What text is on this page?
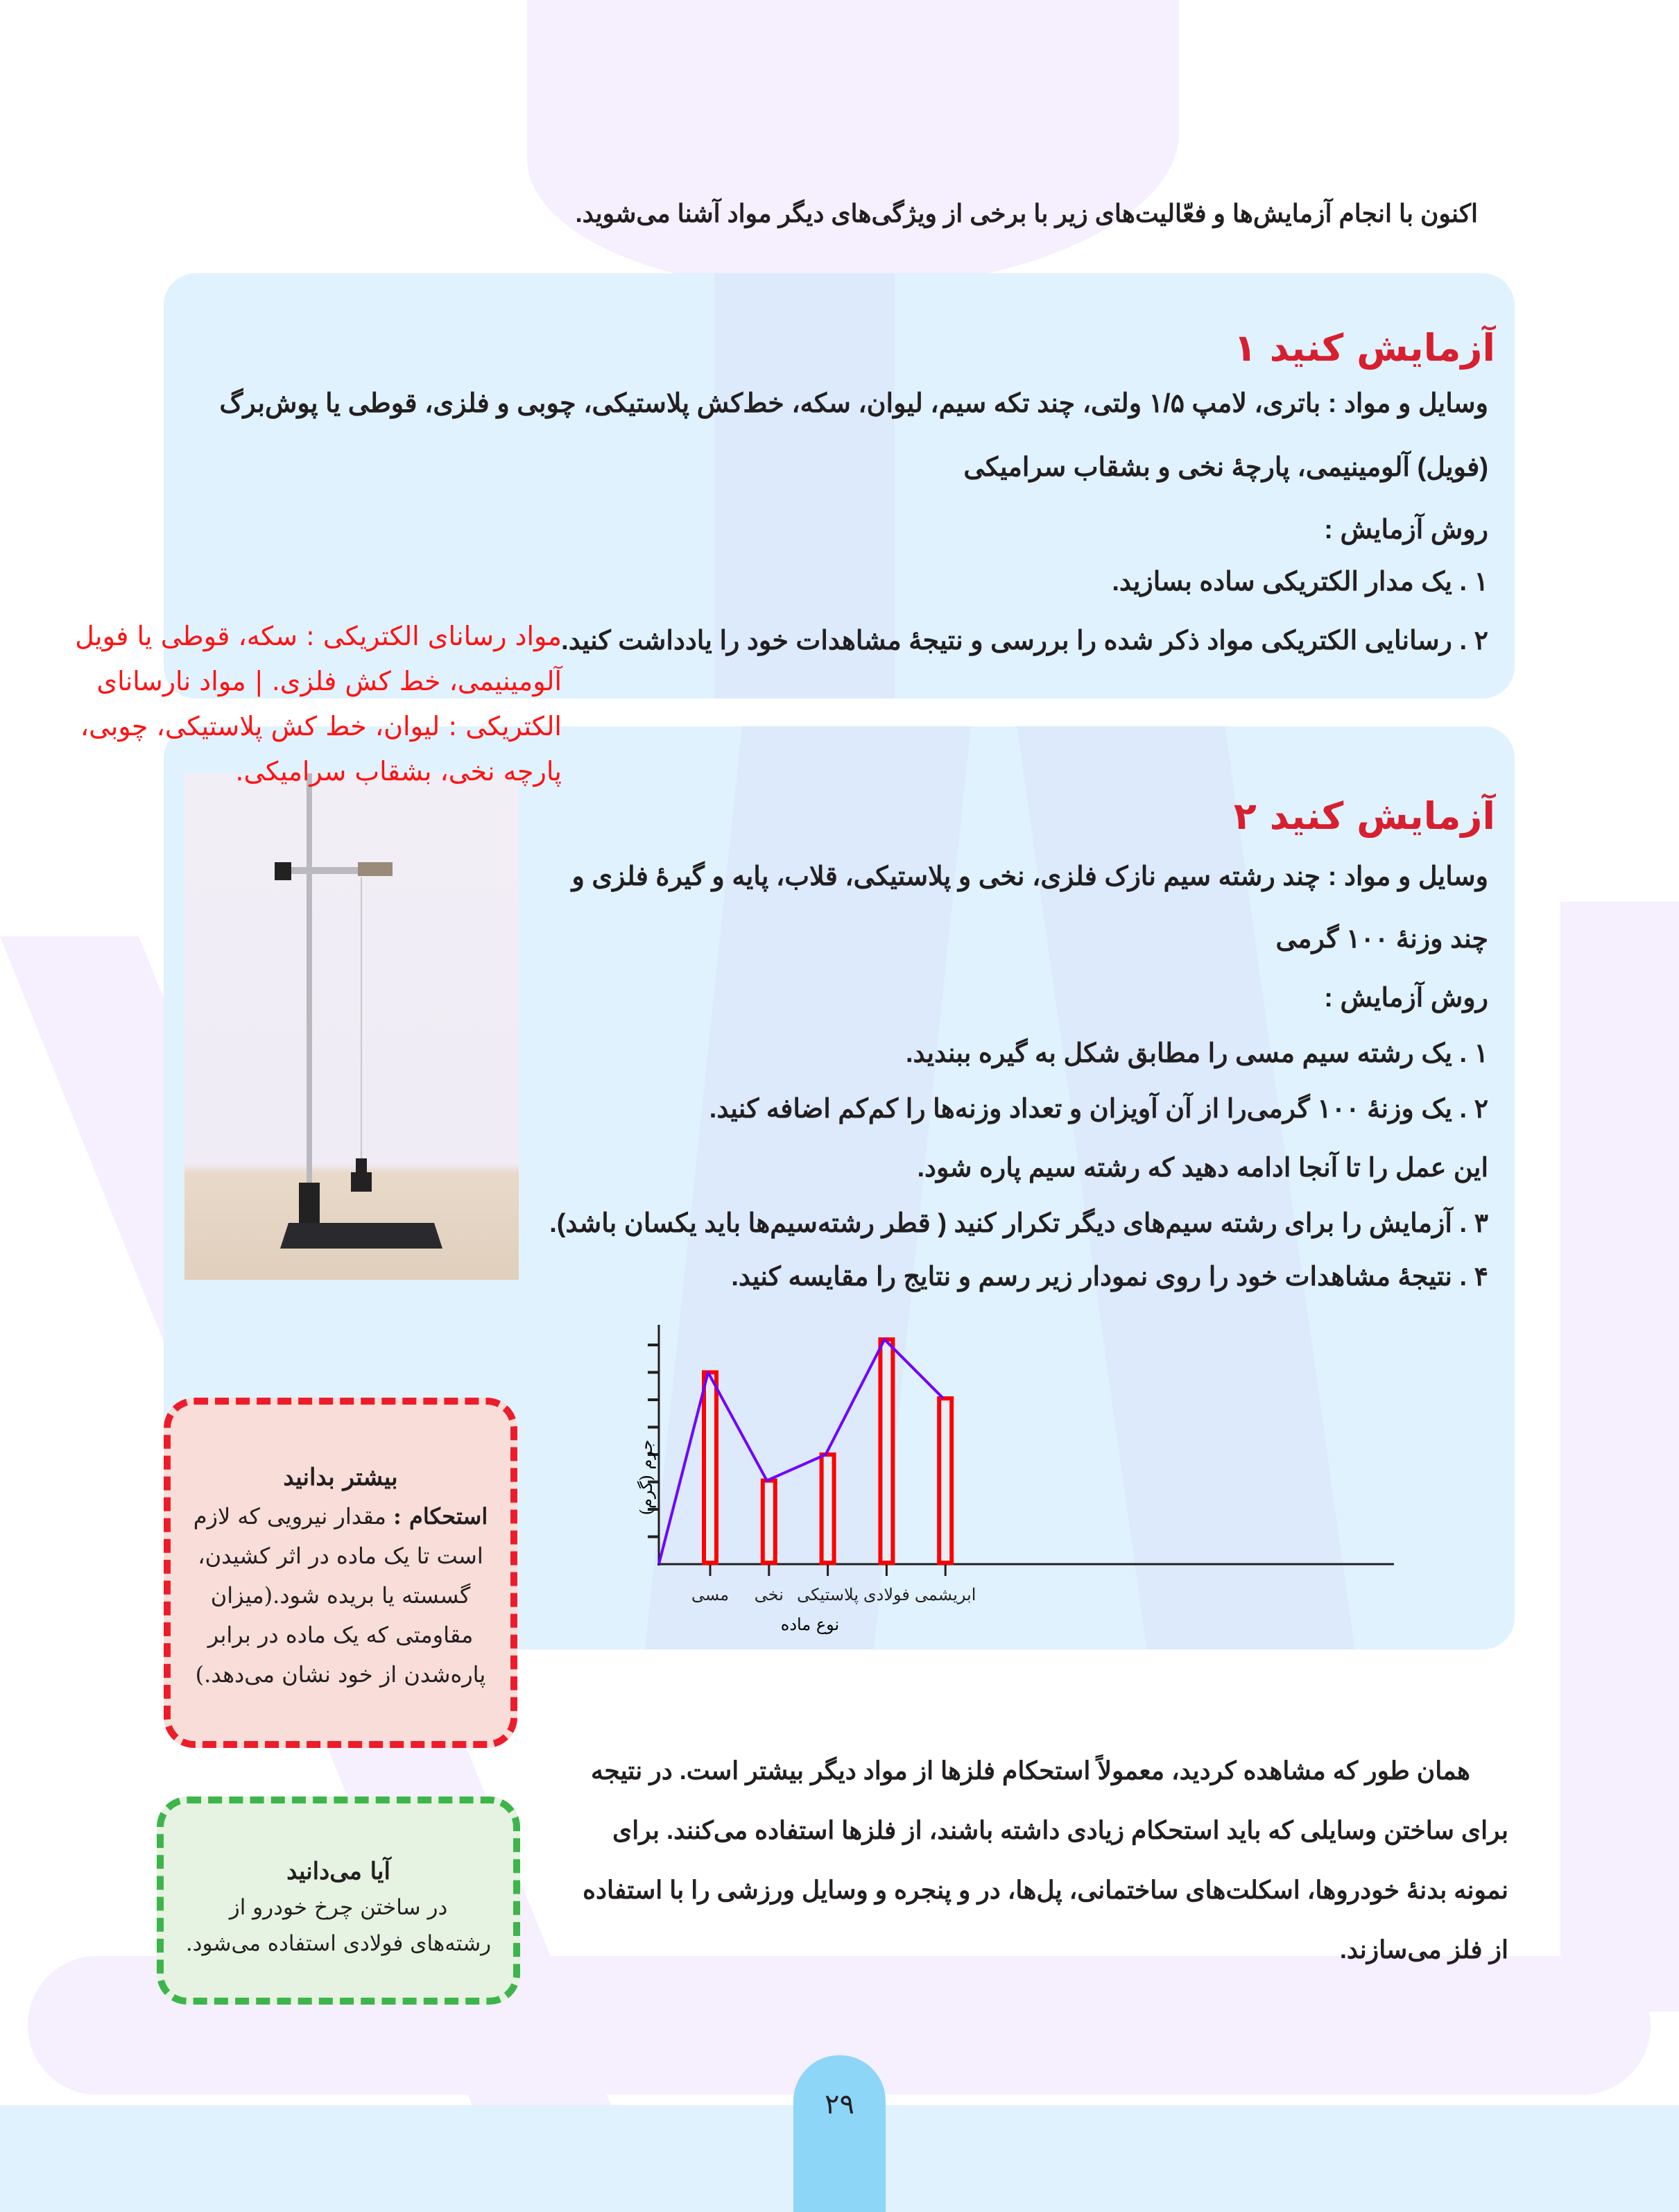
اکنون با انجام آزمایش‌ها و فعّالیت‌های زیر با برخی از ویژگی‌های دیگر مواد آشنا می‌شوید.
آزمایش کنید ۱
وسایل و مواد : باتری، لامپ ۱/۵ ولتی، چند تکه سیم، لیوان، سکه، خط‌کش پلاستیکی، چوبی و فلزی، قوطی یا پوش‌برگ
(فویل) آلومینیمی، پارچهٔ نخی و بشقاب سرامیکی
روش آزمایش :
۱ . یک مدار الکتریکی ساده بسازید.
۲ . رسانایی الکتریکی مواد ذکر شده را بررسی و نتیجهٔ مشاهدات خود را یادداشت کنید.
مواد رسانای الکتریکی : سکه، قوطی یا فویل
آلومینیمی، خط کش فلزی. | مواد نارسانای
الکتریکی : لیوان، خط کش پلاستیکی، چوبی،
پارچه نخی، بشقاب سرامیکی.
آزمایش کنید ۲
وسایل و مواد : چند رشته سیم نازک فلزی، نخی و پلاستیکی، قلاب، پایه و گیرهٔ فلزی و
چند وزنهٔ ۱۰۰ گرمی
روش آزمایش :
۱ . یک رشته سیم مسی را مطابق شکل به گیره ببندید.
۲ . یک وزنهٔ ۱۰۰ گرمی‌را از آن آویزان و تعداد وزنه‌ها را کم‌کم اضافه کنید.
این عمل را تا آنجا ادامه دهید که رشته سیم پاره شود.
۳ . آزمایش را برای رشته سیم‌های دیگر تکرار کنید ( قطر رشته‌سیم‌ها باید یکسان باشد).
۴ . نتیجهٔ مشاهدات خود را روی نمودار زیر رسم و نتایج را مقایسه کنید.
مسی نخی پلاستیکی فولادی ابریشمی
جرم (گرم)
نوع ماده
بیشتر بدانید
استحکام : مقدار نیرویی که لازم
است تا یک ماده در اثر کشیدن،
گسسته یا بریده شود.(میزان
مقاومتی که یک ماده در برابر
پاره‌شدن از خود نشان می‌دهد.)
آیا می‌دانید
در ساختن چرخ خودرو از
رشته‌های فولادی استفاده می‌شود.
همان طور که مشاهده کردید، معمولاً استحکام فلزها از مواد دیگر بیشتر است. در نتیجه
برای ساختن وسایلی که باید استحکام زیادی داشته باشند، از فلزها استفاده می‌کنند. برای
نمونه بدنهٔ خودروها، اسکلت‌های ساختمانی، پل‌ها، در و پنجره و وسایل ورزشی را با استفاده
از فلز می‌سازند.
۲۹
